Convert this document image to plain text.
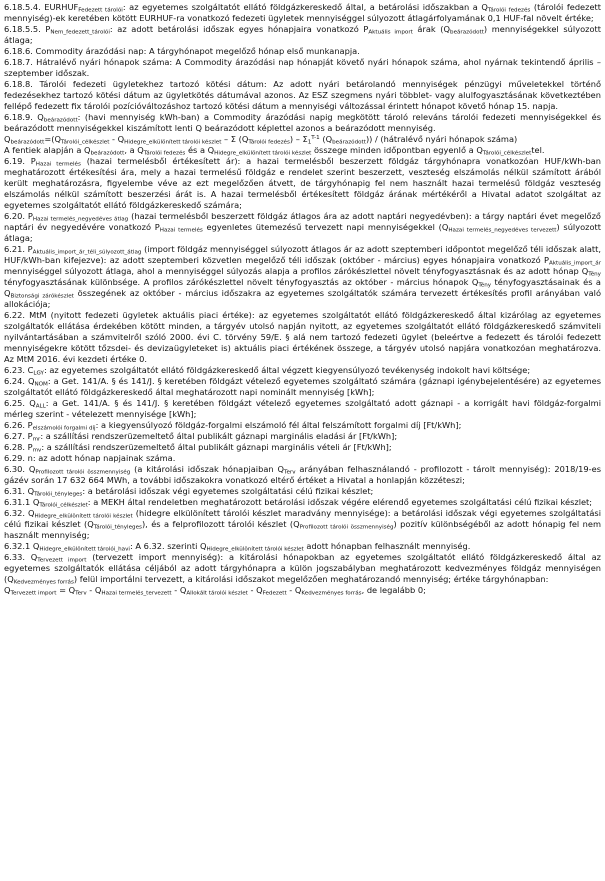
6.18.5.4. $EURHUF_{Fedezett tárolói}$: az egyetemes szolgáltatót ellátó földgázkereskedő által, a betárolási időszakban a $Q_{Tárolói fedezés}$ (tárolói fedezett mennyiség)-ek keretében kötött EURHUF-ra vonatkozó fedezeti ügyletek mennyiséggel súlyozott átlagárfolyamának 0,1 HUF-fal növelt értéke;

6.18.5.5. $P_{Nem\_fedezett\_tárolói}$: az adott betárolási időszak egyes hónapjaira vonatkozó $P_{Aktuális import}$ árak $(Q_{beárazódott})$ mennyiségekkel súlyozott átlaga;

6.18.6. Commodity árazódási nap: A tárgyhónapot megelőző hónap első munkanapja.

6.18.7. Hátralévő nyári hónapok száma: A Commodity árazódási nap hónapját követő nyári hónapok száma, ahol nyárnak tekintendő április – szeptember időszak.

6.18.8. Tárolói fedezeti ügyletekhez tartozó kötési dátum: Az adott nyári betárolandó mennyiségek pénzügyi műveletekkel történő fedezésekhez tartozó kötési dátum az ügyletkötés dátumával azonos. Az ESZ szegmens nyári többlet- vagy alulfogyasztásának következtében fellépő fedezett fix tárolói pozícióváltozáshoz tartozó kötési dátum a mennyiségi változással érintett hónapot követő hónap 15. napja.

6.18.9. $Q_{beárazódott}$: (havi mennyiség kWh-ban) a Commodity árazódási napig megkötött tároló releváns tárolói fedezeti mennyiségekkel és beárazódott mennyiségekkel kiszámított lenti Q beárazódott képlettel azonos a beárazódott mennyiség.

$Q_{beárazódott}=(Q_{Tárolói\_célkészlet} - Q_{Hidegre\_elkülönített tárolói készlet} - \Sigma$ $(Q_{Tárolói fedezés}) - \Sigma_1^{T-1}$ $(Q_{beárazódott})$) / (hátralévő nyári hónapok száma)

A fentiek alapján a $Q_{beárazódott}$, a $Q_{Tárolói fedezés}$ és a $Q_{Hidegre\_elkülönített tárolói készlet}$ összege minden időpontban egyenlő a $Q_{Tárolói\_célkészlet}tel$.

6.19. $P_{Hazai termelés}$ (hazai termelésből értékesített ár): a hazai termelésből beszerzett földgáz tárgyhónapra vonatkozóan HUF/kWh-ban meghatározott értékesítési ára, mely a hazai termelésű földgáz e rendelet szerint beszerzett, veszteség elszámolás nélkül számított árából került meghatározásra, figyelembe véve az ezt megelőzően átvett, de tárgyhónapig fel nem használt hazai termelésű földgáz veszteség elszámolás nélkül számított beszerzési árát is. A hazai termelésből értékesített földgáz árának mértékéről a Hivatal adatot szolgáltat az egyetemes szolgáltatót ellátó földgázkereskedő számára;

6.20. $P_{Hazai termelés\_negyedéves átlag}$ (hazai termelésből beszerzett földgáz átlagos ára az adott naptári negyedévben): a tárgy naptári évet megelőző naptári év negyedévére vonatkozó $P_{Hazai termelés}$ egyenletes ütemezésű tervezett napi mennyiségekkel $(Q_{Hazai termelés\_negyedéves tervezett})$ súlyozott átlaga;

6.21. $P_{Aktuális\_import\_ár\_téli\_súlyozott\_átlag}$ (import földgáz mennyiséggel súlyozott átlagos ár az adott szeptemberi időpontot megelőző téli időszak alatt, HUF/kWh-ban kifejezve): az adott szeptemberi közvetlen megelőző téli időszak (október - március) egyes hónapjaira vonatkozó $P_{Aktuális\_import\_ár}$ mennyiséggel súlyozott átlaga, ahol a mennyiséggel súlyozás alapja a profilos zárókészlettel növelt tényfogyasztásnak és az adott hónap $Q_{Tény}$ tényfogyasztásának különbsége. A profilos zárókészlettel növelt tényfogyasztás az október - március hónapok $Q_{Tény}$ tényfogyasztásainak és a $Q_{Biztonsági zárókészlet}$ összegének az október - március időszakra az egyetemes szolgáltatók számára tervezett értékesítés profil arányában való allokációja;

6.22. MtM (nyitott fedezeti ügyletek aktuális piaci értéke): az egyetemes szolgáltatót ellátó földgázkereskedő által kizárólag az egyetemes szolgáltatók ellátása érdekében kötött minden, a tárgyév utolsó napján nyitott, az egyetemes szolgáltatót ellátó földgázkereskedő számviteli nyilvántartásában a számvitelről szóló 2000. évi C. törvény 59/E. § alá nem tartozó fedezeti ügylet (beleértve a fedezett és tárolói fedezett mennyiségekre kötött tőzsdei- és devizaügyleteket is) aktuális piaci értékének összege, a tárgyév utolsó napjára vonatkozóan meghatározva. Az MtM 2016. évi kezdeti értéke 0.

6.23. $C_{LGY}$: az egyetemes szolgáltatót ellátó földgázkereskedő által végzett kiegyensúlyozó tevékenység indokolt havi költsége;

6.24. $Q_{NOM}$: a Get. 141/A. § és 141/J. § keretében földgázt vételező egyetemes szolgáltató számára (gáznapi igénybejelentésére) az egyetemes szolgáltatót ellátó földgázkereskedő által meghatározott napi nominált mennyiség [kWh];

6.25. $Q_{ALL}$: a Get. 141/A. § és 141/J. § keretében földgázt vételező egyetemes szolgáltató adott gáznapi - a korrigált havi földgáz-forgalmi mérleg szerint - vételezett mennyisége [kWh];

6.26. $P_{elszámolói forgalmi díj}$: a kiegyensúlyozó földgáz-forgalmi elszámoló fél által felszámított forgalmi díj [Ft/kWh];

6.27. $P_{mr}$: a szállítási rendszerüzemeltető által publikált gáznapi marginális eladási ár [Ft/kWh];

6.28. $P_{mv}$: a szállítási rendszerüzemeltető által publikált gáznapi marginális vételi ár [Ft/kWh];

6.29. n: az adott hónap napjainak száma.

6.30. $Q_{Profilozott tárolói összmennyiség}$ (a kitárolási időszak hónapjaiban $Q_{Terv}$ arányában felhasználandó - profilozott - tárolt mennyiség): 2018/19-es gázév során 17 632 664 MWh, a további időszakokra vonatkozó eltérő értéket a Hivatal a honlapján közzéteszi;

6.31. $Q_{Tárolói\_tényleges}$: a betárolási időszak végi egyetemes szolgáltatási célú fizikai készlet;

6.31.1 $Q_{Tárolói\_célkészlet}$: a MEKH által rendeletben meghatározott betárolási időszak végére elérendő egyetemes szolgáltatási célú fizikai készlet;

6.32. $Q_{Hidegre\_elkülönített tárolói készlet}$ (hidegre elkülönített tárolói készlet maradvány mennyisége): a betárolási időszak végi egyetemes szolgáltatási célú fizikai készlet $(Q_{Tárolói\_tényleges})$, és a felprofilozott tárolói készlet $(Q_{Profilozott tárolói összmennyiség})$ pozitív különbségéből az adott hónapig fel nem használt mennyiség;

6.32.1 $Q_{Hidegre\_elkülönített tárolói\_havi}$: A 6.32. szerinti $Q_{Hidegre\_elkülönített tárolói készlet}$ adott hónapban felhasznált mennyiség.

6.33. $Q_{Tervezett import}$ (tervezett import mennyiség): a kitárolási hónapokban az egyetemes szolgáltatót ellátó földgázkereskedő által az egyetemes szolgáltatók ellátása céljából az adott tárgyhónapra a külön jogszabályban meghatározott kedvezményes földgáz mennyiségen $(Q_{Kedvezményes forrás})$ felül importálni tervezett, a kitárolási időszakot megelőzően meghatározandó mennyiség; értéke tárgyhónapban:

$Q_{Tervezett import} = Q_{Terv} - Q_{Hazai termelés\_tervezett} - Q_{Allokált tárolói készlet} - Q_{Fedezett} - Q_{Kedvezményes forrás}$, de legalább 0;
